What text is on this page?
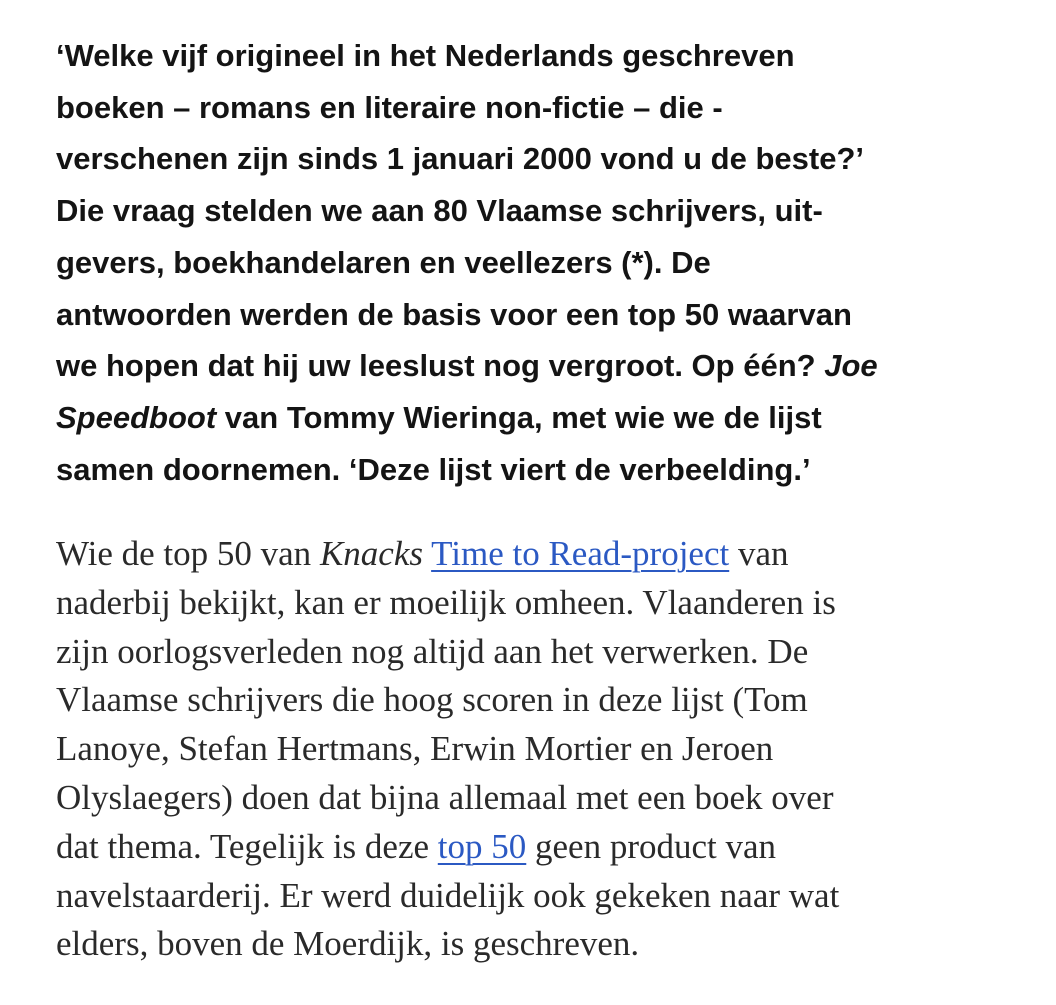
‘Welke vijf origineel in het Nederlands geschreven
boeken – romans en literaire non-fictie – die -
verschenen zijn sinds 1 januari 2000 vond u de beste?’
Die vraag stelden we aan 80 Vlaamse schrijvers, uit-
gevers, boekhandelaren en veellezers (*). De
antwoorden werden de basis voor een top 50 waarvan
we hopen dat hij uw leeslust nog vergroot. Op één? Joe
Speedboot van Tommy Wieringa, met wie we de lijst
samen doornemen. ‘Deze lijst viert de verbeelding.’

Wie de top 50 van Knacks Time to Read-project van
naderbij bekijkt, kan er moeilijk omheen. Vlaanderen is
zijn oorlogsverleden nog altijd aan het verwerken. De
Vlaamse schrijvers die hoog scoren in deze lijst (Tom
Lanoye, Stefan Hertmans, Erwin Mortier en Jeroen
Olyslaegers) doen dat bijna allemaal met een boek over
dat thema. Tegelijk is deze top 50 geen product van
navelstaarderij. Er werd duidelijk ook gekeken naar wat
elders, boven de Moerdijk, is geschreven.
